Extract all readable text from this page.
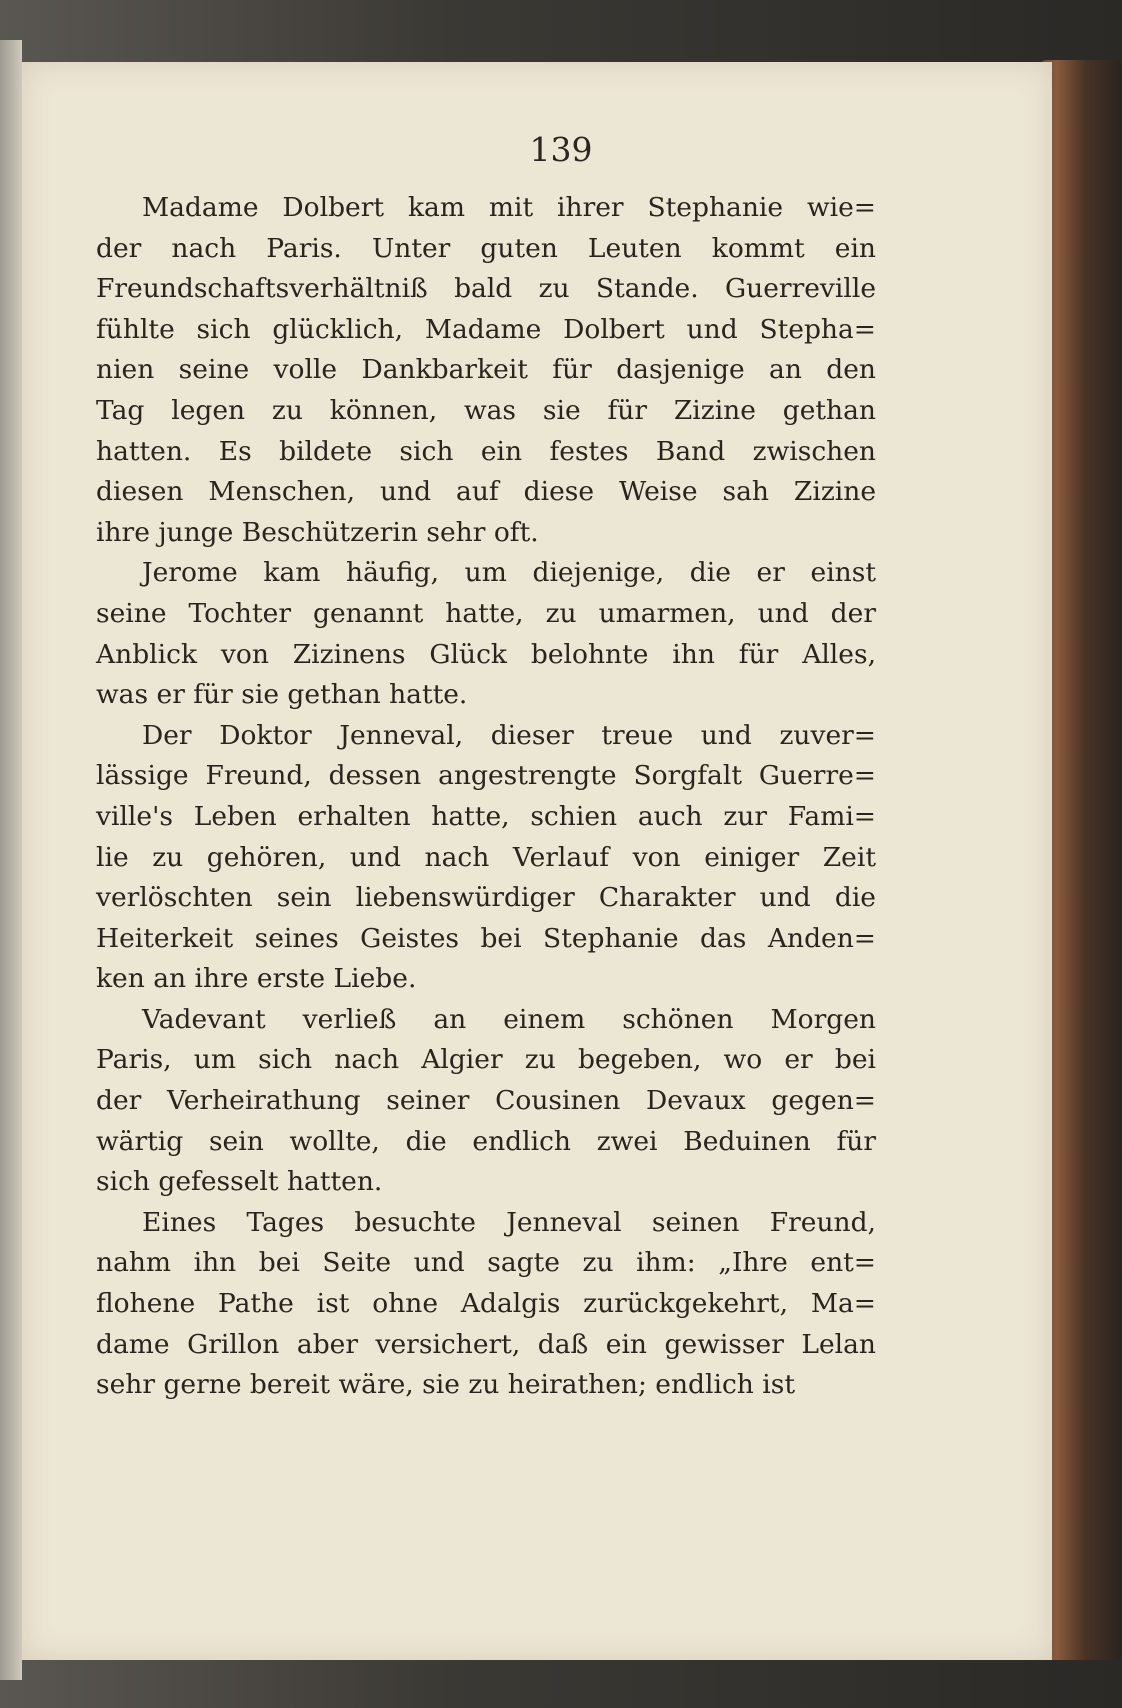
139
Madame Dolbert kam mit ihrer Stephanie wie=
der nach Paris. Unter guten Leuten kommt ein
Freundschaftsverhältniß bald zu Stande. Guerreville
fühlte sich glücklich, Madame Dolbert und Stepha=
nien seine volle Dankbarkeit für dasjenige an den
Tag legen zu können, was sie für Zizine gethan
hatten. Es bildete sich ein festes Band zwischen
diesen Menschen, und auf diese Weise sah Zizine
ihre junge Beschützerin sehr oft.
Jerome kam häufig, um diejenige, die er einst
seine Tochter genannt hatte, zu umarmen, und der
Anblick von Zizinens Glück belohnte ihn für Alles,
was er für sie gethan hatte.
Der Doktor Jenneval, dieser treue und zuver=
lässige Freund, dessen angestrengte Sorgfalt Guerre=
ville's Leben erhalten hatte, schien auch zur Fami=
lie zu gehören, und nach Verlauf von einiger Zeit
verlöschten sein liebenswürdiger Charakter und die
Heiterkeit seines Geistes bei Stephanie das Anden=
ken an ihre erste Liebe.
Vadevant verließ an einem schönen Morgen
Paris, um sich nach Algier zu begeben, wo er bei
der Verheirathung seiner Cousinen Devaux gegen=
wärtig sein wollte, die endlich zwei Beduinen für
sich gefesselt hatten.
Eines Tages besuchte Jenneval seinen Freund,
nahm ihn bei Seite und sagte zu ihm: „Ihre ent=
flohene Pathe ist ohne Adalgis zurückgekehrt, Ma=
dame Grillon aber versichert, daß ein gewisser Lelan
sehr gerne bereit wäre, sie zu heirathen; endlich ist
